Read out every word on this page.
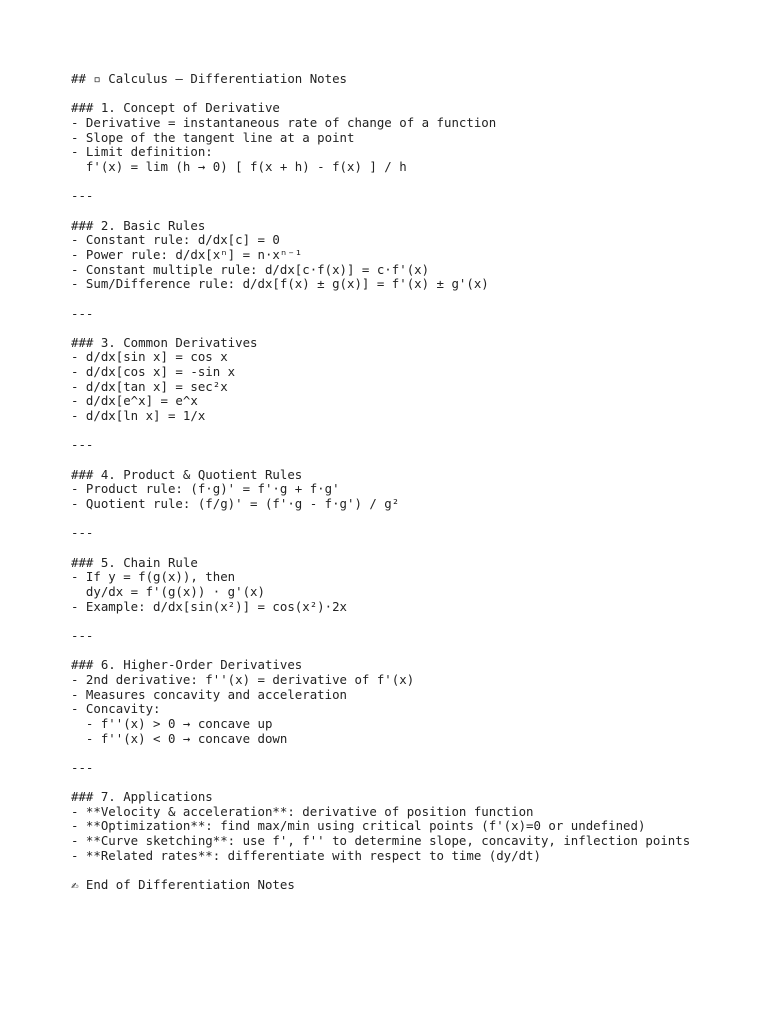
## ▫ Calculus – Differentiation Notes
### 1. Concept of Derivative
- Derivative = instantaneous rate of change of a function
- Slope of the tangent line at a point
- Limit definition:
f'(x) = lim (h → 0) [ f(x + h) - f(x) ] / h
---
### 2. Basic Rules
- Constant rule: d/dx[c] = 0
- Power rule: d/dx[xⁿ] = n·xⁿ⁻¹
- Constant multiple rule: d/dx[c·f(x)] = c·f'(x)
- Sum/Difference rule: d/dx[f(x) ± g(x)] = f'(x) ± g'(x)
---
### 3. Common Derivatives
- d/dx[sin x] = cos x
- d/dx[cos x] = -sin x
- d/dx[tan x] = sec²x
- d/dx[e^x] = e^x
- d/dx[ln x] = 1/x
---
### 4. Product & Quotient Rules
- Product rule: (f·g)' = f'·g + f·g'
- Quotient rule: (f/g)' = (f'·g - f·g') / g²
---
### 5. Chain Rule
- If y = f(g(x)), then
dy/dx = f'(g(x)) · g'(x)
- Example: d/dx[sin(x²)] = cos(x²)·2x
---
### 6. Higher-Order Derivatives
- 2nd derivative: f''(x) = derivative of f'(x)
- Measures concavity and acceleration
- Concavity:
- f''(x) > 0 → concave up
- f''(x) < 0 → concave down
---
### 7. Applications
- **Velocity & acceleration**: derivative of position function
- **Optimization**: find max/min using critical points (f'(x)=0 or undefined)
- **Curve sketching**: use f', f'' to determine slope, concavity, inflection points
- **Related rates**: differentiate with respect to time (dy/dt)
✍ End of Differentiation Notes
